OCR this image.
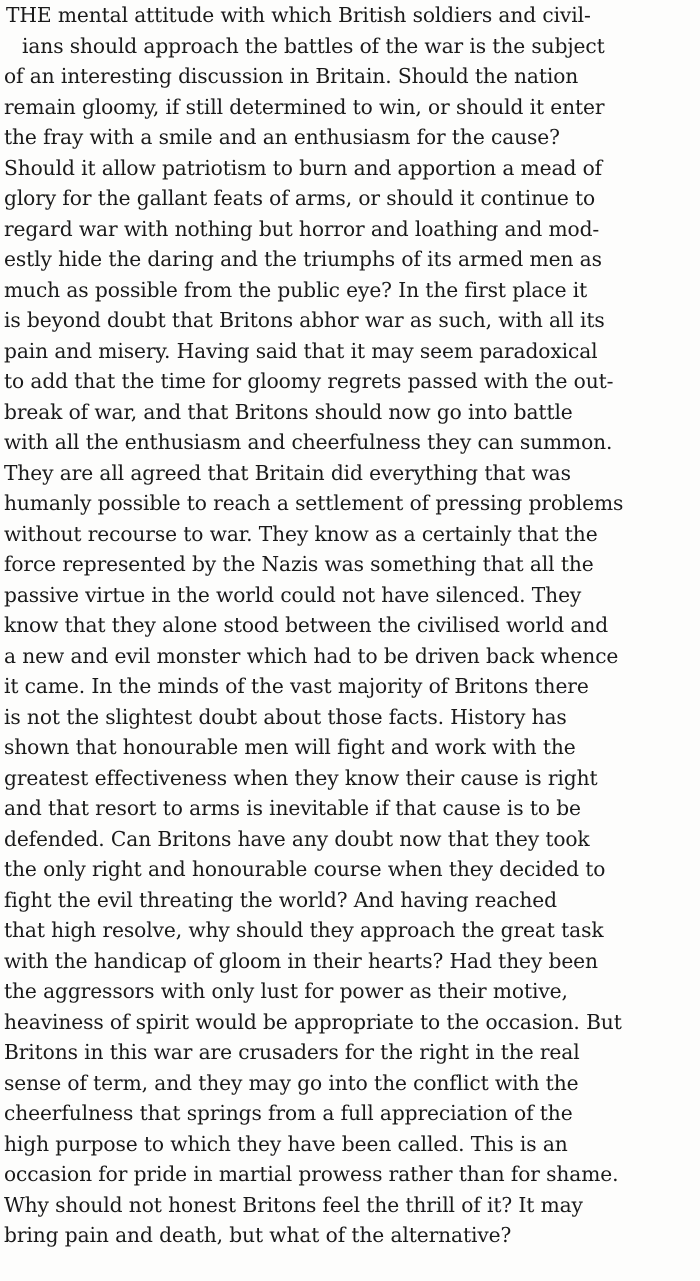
THE mental attitude with which British soldiers and civil-
ians should approach the battles of the war is the subject
of an interesting discussion in Britain. Should the nation
remain gloomy, if still determined to win, or should it enter
the fray with a smile and an enthusiasm for the cause?
Should it allow patriotism to burn and apportion a mead of
glory for the gallant feats of arms, or should it continue to
regard war with nothing but horror and loathing and mod-
estly hide the daring and the triumphs of its armed men as
much as possible from the public eye? In the first place it
is beyond doubt that Britons abhor war as such, with all its
pain and misery. Having said that it may seem paradoxical
to add that the time for gloomy regrets passed with the out-
break of war, and that Britons should now go into battle
with all the enthusiasm and cheerfulness they can summon.
They are all agreed that Britain did everything that was
humanly possible to reach a settlement of pressing problems
without recourse to war. They know as a certainly that the
force represented by the Nazis was something that all the
passive virtue in the world could not have silenced. They
know that they alone stood between the civilised world and
a new and evil monster which had to be driven back whence
it came. In the minds of the vast majority of Britons there
is not the slightest doubt about those facts. History has
shown that honourable men will fight and work with the
greatest effectiveness when they know their cause is right
and that resort to arms is inevitable if that cause is to be
defended. Can Britons have any doubt now that they took
the only right and honourable course when they decided to
fight the evil threating the world? And having reached
that high resolve, why should they approach the great task
with the handicap of gloom in their hearts? Had they been
the aggressors with only lust for power as their motive,
heaviness of spirit would be appropriate to the occasion. But
Britons in this war are crusaders for the right in the real
sense of term, and they may go into the conflict with the
cheerfulness that springs from a full appreciation of the
high purpose to which they have been called. This is an
occasion for pride in martial prowess rather than for shame.
Why should not honest Britons feel the thrill of it? It may
bring pain and death, but what of the alternative?
